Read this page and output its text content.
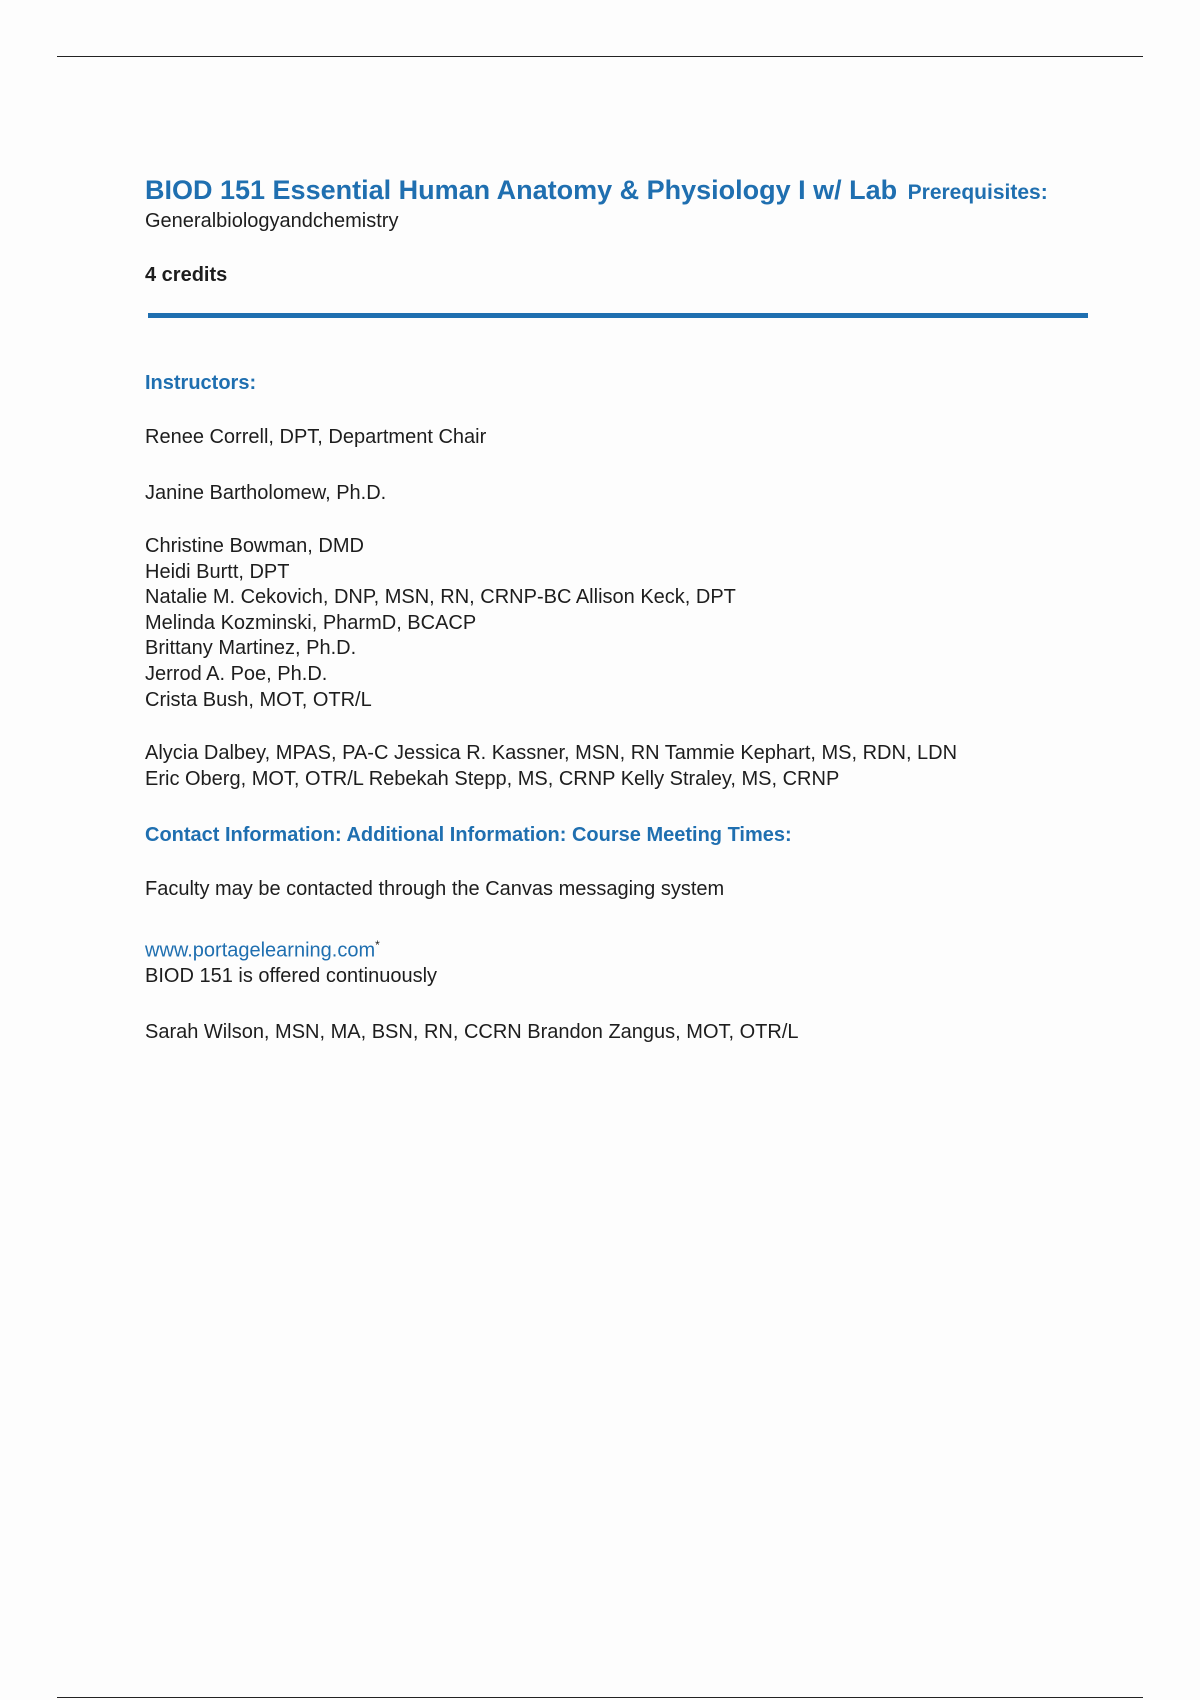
BIOD 151 Essential Human Anatomy & Physiology I w/ Lab Prerequisites:

Generalbiologyandchemistry

4 credits

Instructors:

Renee Correll, DPT, Department Chair

Janine Bartholomew, Ph.D.

Christine Bowman, DMD

Heidi Burtt, DPT

Natalie M. Cekovich, DNP, MSN, RN, CRNP-BC Allison Keck, DPT

Melinda Kozminski, PharmD, BCACP

Brittany Martinez, Ph.D.

Jerrod A. Poe, Ph.D.

Crista Bush, MOT, OTR/L

Alycia Dalbey, MPAS, PA-C Jessica R. Kassner, MSN, RN Tammie Kephart, MS, RDN, LDN

Eric Oberg, MOT, OTR/L Rebekah Stepp, MS, CRNP Kelly Straley, MS, CRNP

Contact Information: Additional Information: Course Meeting Times:

Faculty may be contacted through the Canvas messaging system

www.portagelearning.com*

BIOD 151 is offered continuously

Sarah Wilson, MSN, MA, BSN, RN, CCRN Brandon Zangus, MOT, OTR/L
